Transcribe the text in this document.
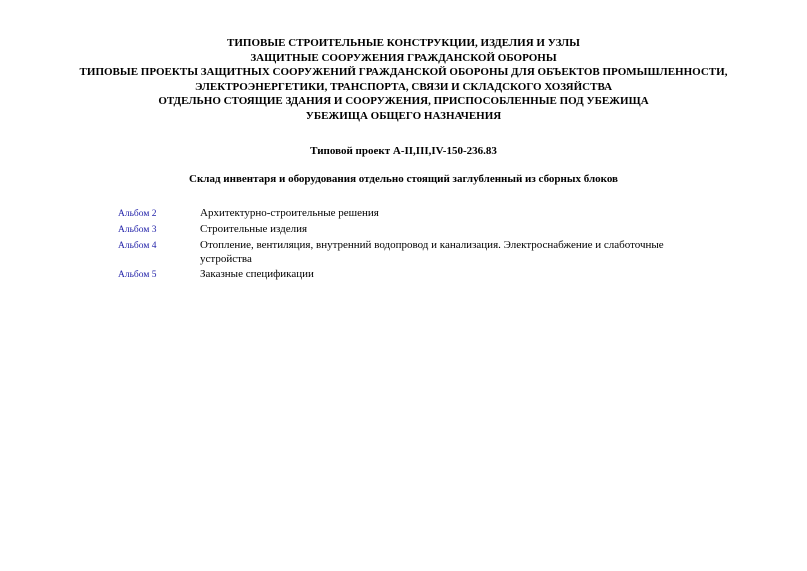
ТИПОВЫЕ СТРОИТЕЛЬНЫЕ КОНСТРУКЦИИ, ИЗДЕЛИЯ И УЗЛЫ
ЗАЩИТНЫЕ СООРУЖЕНИЯ ГРАЖДАНСКОЙ ОБОРОНЫ
ТИПОВЫЕ ПРОЕКТЫ ЗАЩИТНЫХ СООРУЖЕНИЙ ГРАЖДАНСКОЙ ОБОРОНЫ ДЛЯ ОБЪЕКТОВ ПРОМЫШЛЕННОСТИ,
ЭЛЕКТРОЭНЕРГЕТИКИ, ТРАНСПОРТА, СВЯЗИ И СКЛАДСКОГО ХОЗЯЙСТВА
ОТДЕЛЬНО СТОЯЩИЕ ЗДАНИЯ И СООРУЖЕНИЯ, ПРИСПОСОБЛЕННЫЕ ПОД УБЕЖИЩА
УБЕЖИЩА ОБЩЕГО НАЗНАЧЕНИЯ
Типовой проект А-II,III,IV-150-236.83
Склад инвентаря и оборудования отдельно стоящий заглубленный из сборных блоков
Альбом 2	Архитектурно-строительные решения
Альбом 3	Строительные изделия
Альбом 4	Отопление, вентиляция, внутренний водопровод и канализация. Электроснабжение и слаботочные устройства
Альбом 5	Заказные спецификации
